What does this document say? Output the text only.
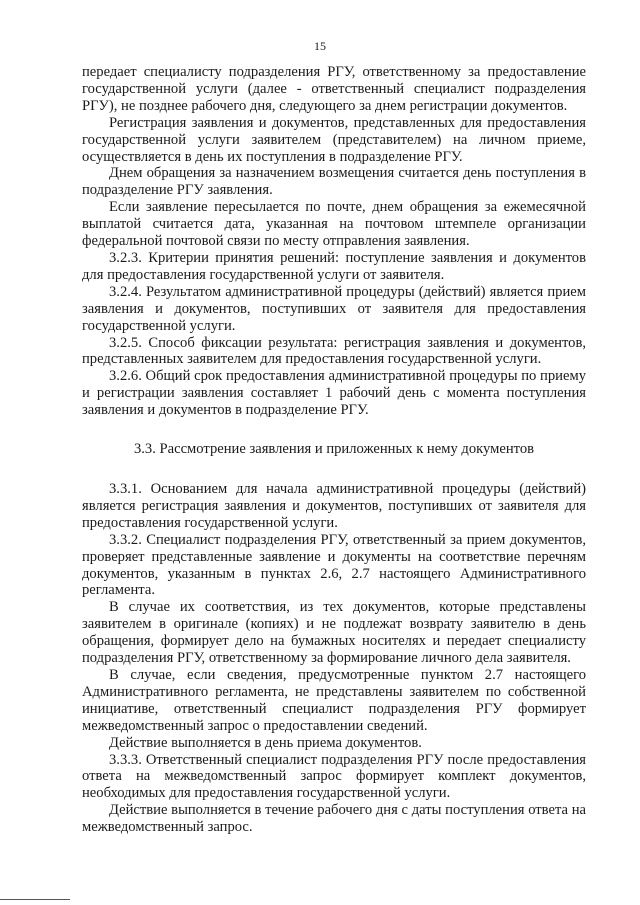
15

передает специалисту подразделения РГУ, ответственному за предоставление государственной услуги (далее - ответственный специалист подразделения РГУ), не позднее рабочего дня, следующего за днем регистрации документов.

Регистрация заявления и документов, представленных для предоставления государственной услуги заявителем (представителем) на личном приеме, осуществляется в день их поступления в подразделение РГУ.

Днем обращения за назначением возмещения считается день поступления в подразделение РГУ заявления.

Если заявление пересылается по почте, днем обращения за ежемесячной выплатой считается дата, указанная на почтовом штемпеле организации федеральной почтовой связи по месту отправления заявления.

3.2.3. Критерии принятия решений: поступление заявления и документов для предоставления государственной услуги от заявителя.

3.2.4. Результатом административной процедуры (действий) является прием заявления и документов, поступивших от заявителя для предоставления государственной услуги.

3.2.5. Способ фиксации результата: регистрация заявления и документов, представленных заявителем для предоставления государственной услуги.

3.2.6. Общий срок предоставления административной процедуры по приему и регистрации заявления составляет 1 рабочий день с момента поступления заявления и документов в подразделение РГУ.

3.3. Рассмотрение заявления и приложенных к нему документов

3.3.1. Основанием для начала административной процедуры (действий) является регистрация заявления и документов, поступивших от заявителя для предоставления государственной услуги.

3.3.2. Специалист подразделения РГУ, ответственный за прием документов, проверяет представленные заявление и документы на соответствие перечням документов, указанным в пунктах 2.6, 2.7 настоящего Административного регламента.

В случае их соответствия, из тех документов, которые представлены заявителем в оригинале (копиях) и не подлежат возврату заявителю в день обращения, формирует дело на бумажных носителях и передает специалисту подразделения РГУ, ответственному за формирование личного дела заявителя.

В случае, если сведения, предусмотренные пунктом 2.7 настоящего Административного регламента, не представлены заявителем по собственной инициативе, ответственный специалист подразделения РГУ формирует межведомственный запрос о предоставлении сведений.

Действие выполняется в день приема документов.

3.3.3. Ответственный специалист подразделения РГУ после предоставления ответа на межведомственный запрос формирует комплект документов, необходимых для предоставления государственной услуги.

Действие выполняется в течение рабочего дня с даты поступления ответа на межведомственный запрос.
